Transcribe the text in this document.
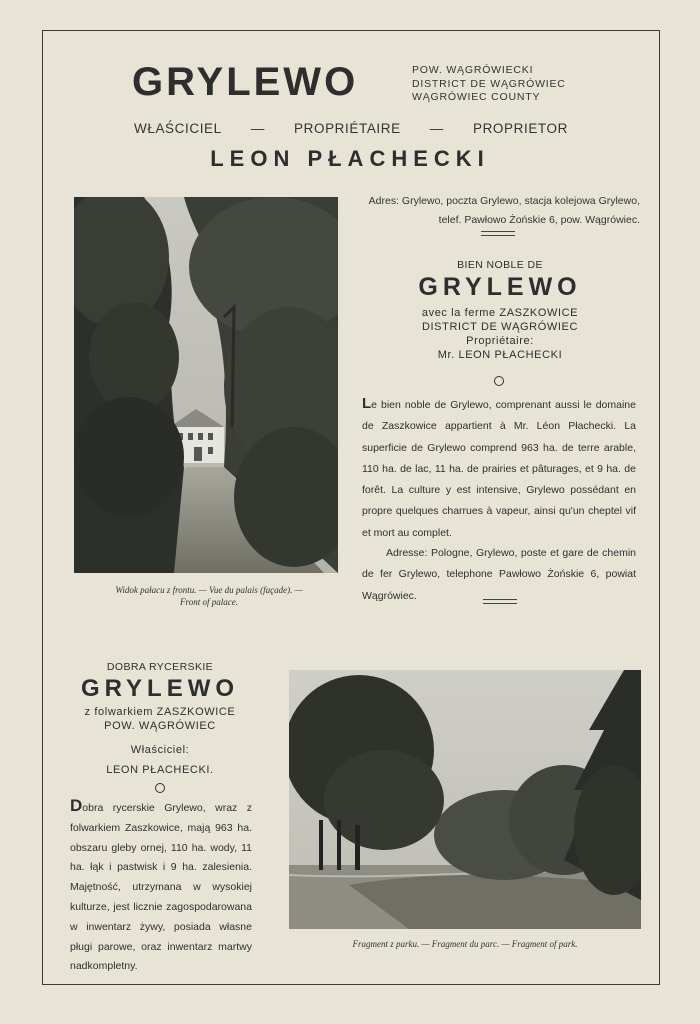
GRYLEWO	POW. WĄGRÓWIECKI
DISTRICT DE WĄGRÓWIEC
WĄGRÓWIEC COUNTY
WŁAŚCICIEL — PROPRIÉTAIRE — PROPRIETOR
LEON PŁACHECKI
Widok pałacu z frontu. — Vue du palais (façade). —
Front of palace.
Adres: Grylewo, poczta Grylewo, stacja kolejowa Grylewo, telef. Pawłowo Żońskie 6, pow. Wągrówiec.
BIEN NOBLE DE
GRYLEWO
avec la ferme ZASZKOWICE
DISTRICT DE WĄGRÓWIEC
Propriétaire:
Mr. LEON PŁACHECKI
Le bien noble de Grylewo, comprenant aussi le domaine de Zaszkowice appartient à Mr. Léon Płachecki. La superficie de Grylewo comprend 963 ha. de terre arable, 110 ha. de lac, 11 ha. de prairies et pâturages, et 9 ha. de forêt. La culture y est intensive, Grylewo possédant en propre quelques charrues à vapeur, ainsi qu'un cheptel vif et mort au complet.
Adresse: Pologne, Grylewo, poste et gare de chemin de fer Grylewo, telephone Pawłowo Żońskie 6, powiat Wągrówiec.
DOBRA RYCERSKIE
GRYLEWO
z folwarkiem ZASZKOWICE
POW. WĄGRÓWIEC
Właściciel:
LEON PŁACHECKI.
Dobra rycerskie Grylewo, wraz z folwarkiem Zaszkowice, mają 963 ha. obszaru gleby ornej, 110 ha. wody, 11 ha. łąk i pastwisk i 9 ha. zalesienia. Majętność, utrzymana w wysokiej kulturze, jest licznie zagospodarowana w inwentarz żywy, posiada własne pługi parowe, oraz inwentarz martwy nadkompletny.
Fragment z parku. — Fragment du parc. — Fragment of park.
